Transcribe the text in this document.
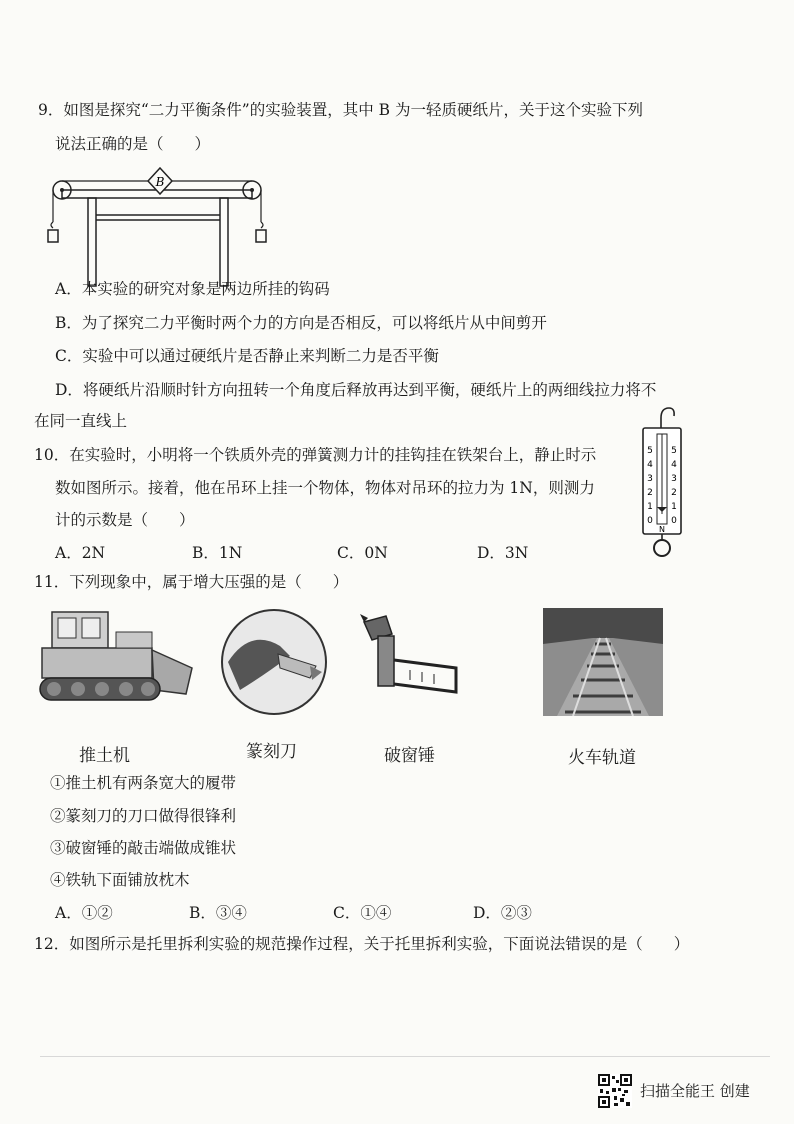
9．如图是探究“二力平衡条件”的实验装置，其中 B 为一轻质硬纸片，关于这个实验下列
说法正确的是（　　）
B
A．本实验的研究对象是两边所挂的钩码
B．为了探究二力平衡时两个力的方向是否相反，可以将纸片从中间剪开
C．实验中可以通过硬纸片是否静止来判断二力是否平衡
D．将硬纸片沿顺时针方向扭转一个角度后释放再达到平衡，硬纸片上的两细线拉力将不
在同一直线上
10．在实验时，小明将一个铁质外壳的弹簧测力计的挂钩挂在铁架台上，静止时示
数如图所示。接着，他在吊环上挂一个物体，物体对吊环的拉力为 1N，则测力
计的示数是（　　）
5
4
3
2
1
0
5
4
3
2
1
0
N
A．2N	B．1N	C．0N	D．3N
11．下列现象中，属于增大压强的是（　　）
推土机	篆刻刀	破窗锤	火车轨道
①推土机有两条宽大的履带
②篆刻刀的刀口做得很锋利
③破窗锤的敲击端做成锥状
④铁轨下面铺放枕木
A．①②	B．③④	C．①④	D．②③
12．如图所示是托里拆利实验的规范操作过程，关于托里拆利实验，下面说法错误的是（　　）
扫描全能王 创建
